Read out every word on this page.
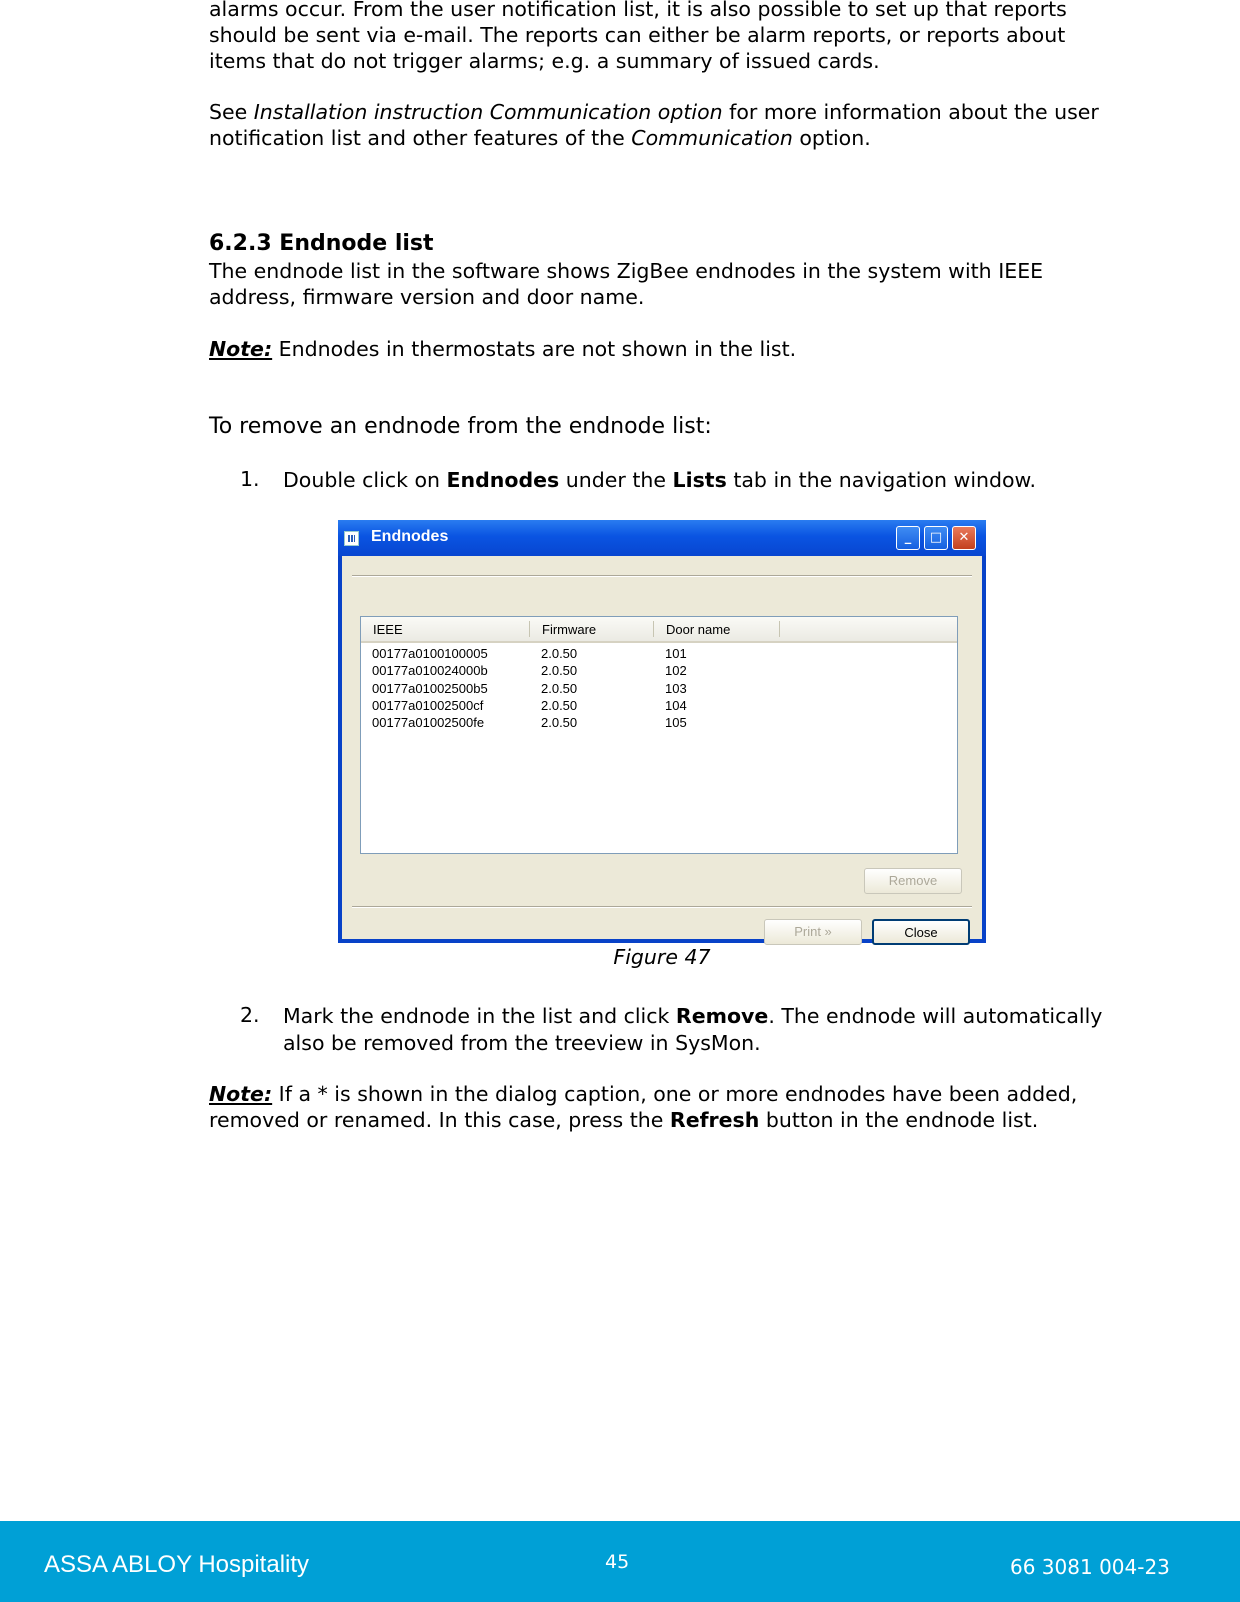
alarms occur. From the user notification list, it is also possible to set up that reports should be sent via e-mail. The reports can either be alarm reports, or reports about items that do not trigger alarms; e.g. a summary of issued cards.

See Installation instruction Communication option for more information about the user notification list and other features of the Communication option.

6.2.3 Endnode list

The endnode list in the software shows ZigBee endnodes in the system with IEEE address, firmware version and door name.

Note: Endnodes in thermostats are not shown in the list.

To remove an endnode from the endnode list:

1. Double click on Endnodes under the Lists tab in the navigation window.
Endnodes	_	□	✕
IEEE	Firmware	Door name
00177a0100100005	2.0.50	101
00177a010024000b	2.0.50	102
00177a01002500b5	2.0.50	103
00177a01002500cf	2.0.50	104
00177a01002500fe	2.0.50	105
Remove
Print »	Close
Figure 47
2. Mark the endnode in the list and click Remove. The endnode will automatically also be removed from the treeview in SysMon.

Note: If a * is shown in the dialog caption, one or more endnodes have been added, removed or renamed. In this case, press the Refresh button in the endnode list.

ASSA ABLOY Hospitality	45	66 3081 004-23
